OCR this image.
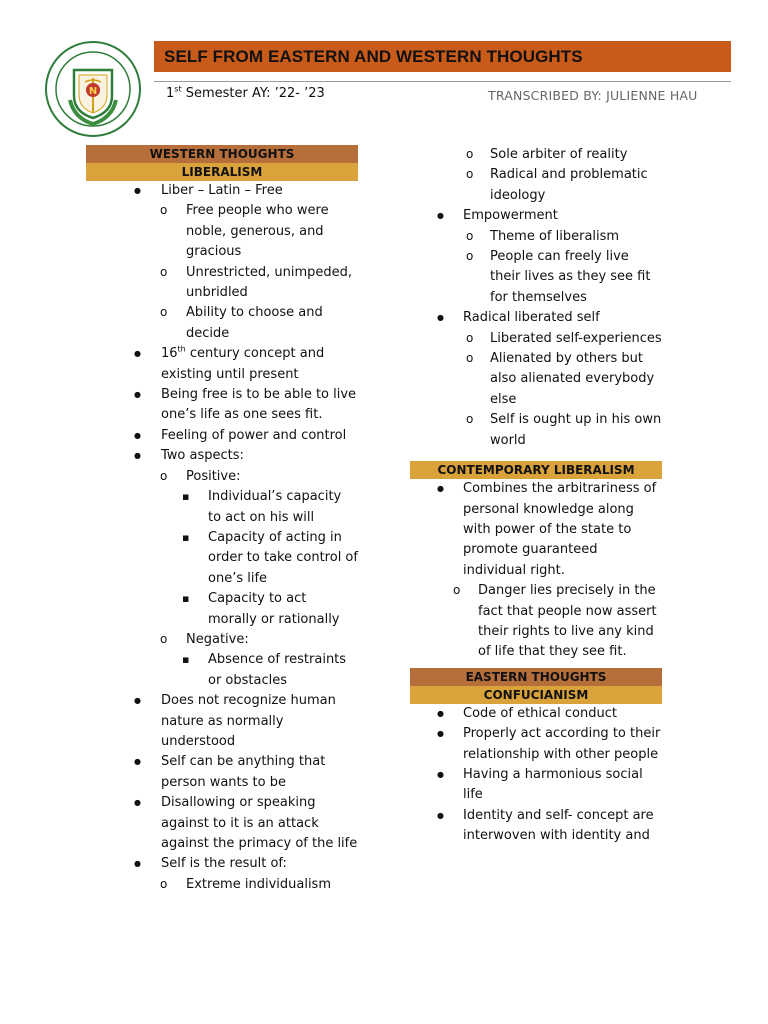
N
SELF FROM EASTERN AND WESTERN THOUGHTS
1st Semester AY: ’22- ’23	TRANSCRIBED BY: JULIENNE HAU
WESTERN THOUGHTS
LIBERALISM
● Liber – Latin – Free
o Free people who were noble, generous, and gracious
o Unrestricted, unimpeded, unbridled
o Ability to choose and decide
● 16th century concept and existing until present
● Being free is to be able to live one’s life as one sees fit.
● Feeling of power and control
● Two aspects:
o Positive:
▪ Individual’s capacity to act on his will
▪ Capacity of acting in order to take control of one’s life
▪ Capacity to act morally or rationally
o Negative:
▪ Absence of restraints or obstacles
● Does not recognize human nature as normally understood
● Self can be anything that person wants to be
● Disallowing or speaking against to it is an attack against the primacy of the life
● Self is the result of:
o Extreme individualism
o Sole arbiter of reality
o Radical and problematic ideology
● Empowerment
o Theme of liberalism
o People can freely live their lives as they see fit for themselves
● Radical liberated self
o Liberated self-experiences
o Alienated by others but also alienated everybody else
o Self is ought up in his own world
CONTEMPORARY LIBERALISM
● Combines the arbitrariness of personal knowledge along with power of the state to promote guaranteed individual right.
o Danger lies precisely in the fact that people now assert their rights to live any kind of life that they see fit.
EASTERN THOUGHTS
CONFUCIANISM
● Code of ethical conduct
● Properly act according to their relationship with other people
● Having a harmonious social life
● Identity and self- concept are interwoven with identity and
